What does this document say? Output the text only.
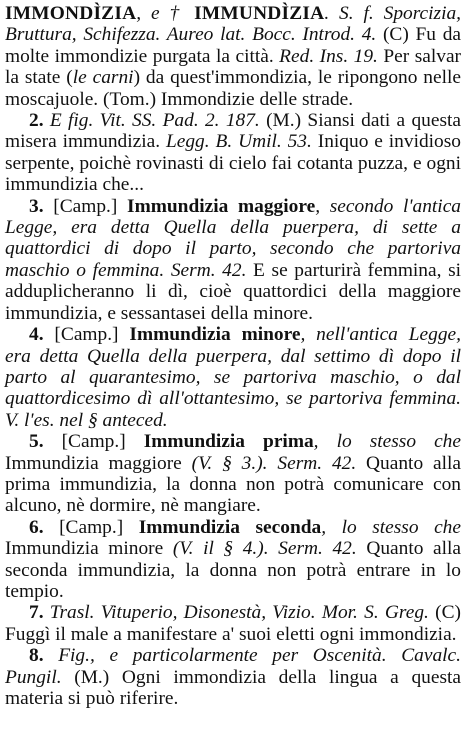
IMMONDÌZIA, e † IMMUNDÌZIA. S. f. Sporcizia, Bruttura, Schifezza. Aureo lat. Bocc. Introd. 4. (C) Fu da molte immondizie purgata la città. Red. Ins. 19. Per salvar la state (le carni) da quest'immondizia, le ripongono nelle moscajuole. (Tom.) Immondizie delle strade.

2. E fig. Vit. SS. Pad. 2. 187. (M.) Siansi dati a questa misera immundizia. Legg. B. Umil. 53. Iniquo e invidioso serpente, poichè rovinasti di cielo fai cotanta puzza, e ogni immundizia che...

3. [Camp.] Immundizia maggiore, secondo l'antica Legge, era detta Quella della puerpera, di sette a quattordici di dopo il parto, secondo che partoriva maschio o femmina. Serm. 42. E se parturirà femmina, si adduplicheranno li dì, cioè quattordici della maggiore immundizia, e sessantasei della minore.

4. [Camp.] Immundizia minore, nell'antica Legge, era detta Quella della puerpera, dal settimo dì dopo il parto al quarantesimo, se partoriva maschio, o dal quattordicesimo dì all'ottantesimo, se partoriva femmina. V. l'es. nel § anteced.

5. [Camp.] Immundizia prima, lo stesso che Immundizia maggiore (V. § 3.). Serm. 42. Quanto alla prima immundizia, la donna non potrà comunicare con alcuno, nè dormire, nè mangiare.

6. [Camp.] Immundizia seconda, lo stesso che Immundizia minore (V. il § 4.). Serm. 42. Quanto alla seconda immundizia, la donna non potrà entrare in lo tempio.

7. Trasl. Vituperio, Disonestà, Vizio. Mor. S. Greg. (C) Fuggì il male a manifestare a' suoi eletti ogni immondizia.

8. Fig., e particolarmente per Oscenità. Cavalc. Pungil. (M.) Ogni immondizia della lingua a questa materia si può riferire.
